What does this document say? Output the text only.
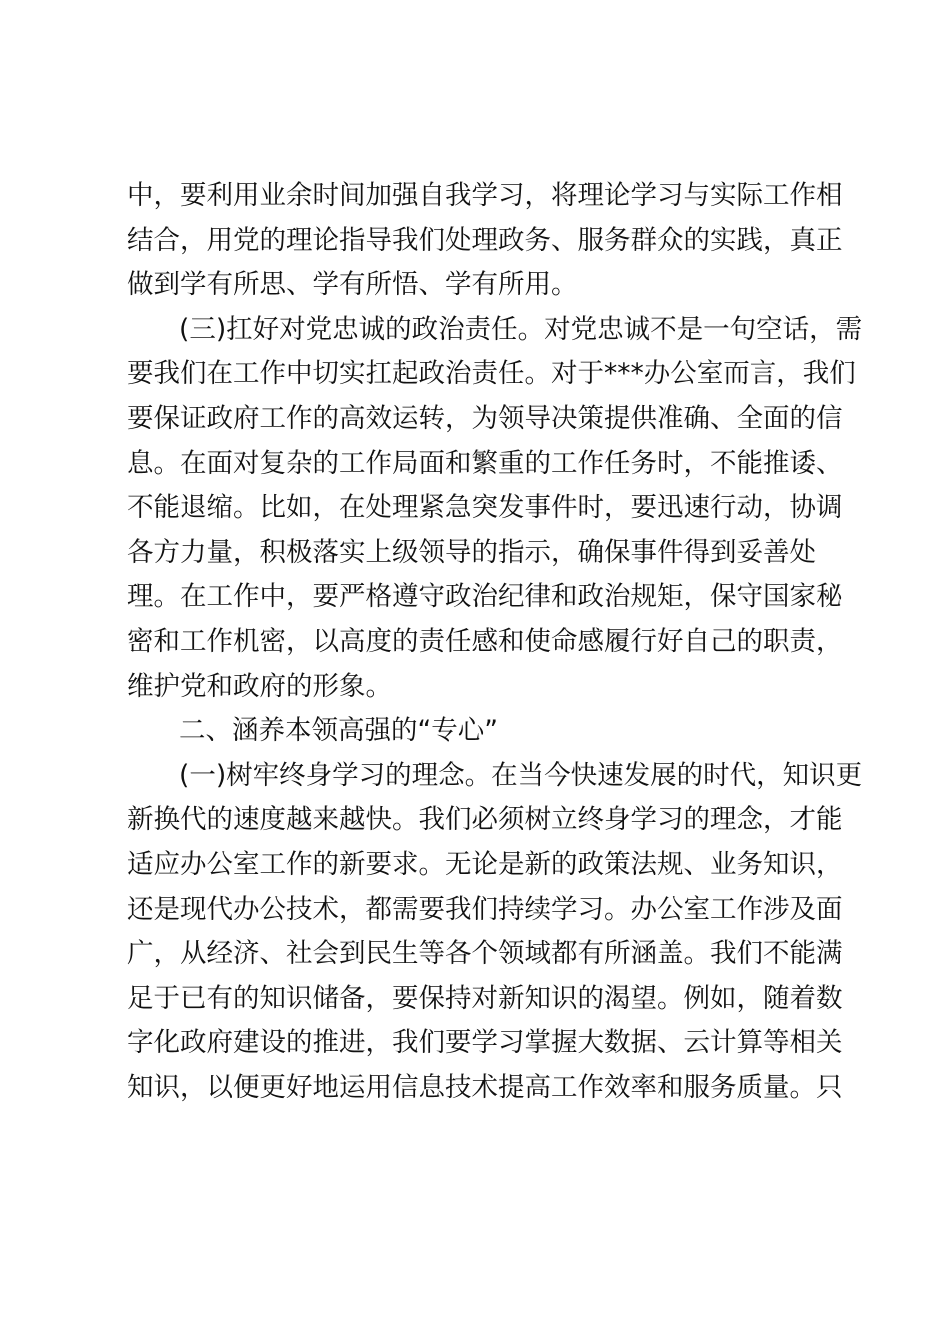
中，要利用业余时间加强自我学习，将理论学习与实际工作相
结合，用党的理论指导我们处理政务、服务群众的实践，真正
做到学有所思、学有所悟、学有所用。
(三)扛好对党忠诚的政治责任。对党忠诚不是一句空话，需
要我们在工作中切实扛起政治责任。对于***办公室而言，我们
要保证政府工作的高效运转，为领导决策提供准确、全面的信
息。在面对复杂的工作局面和繁重的工作任务时，不能推诿、
不能退缩。比如，在处理紧急突发事件时，要迅速行动，协调
各方力量，积极落实上级领导的指示，确保事件得到妥善处
理。在工作中，要严格遵守政治纪律和政治规矩，保守国家秘
密和工作机密，以高度的责任感和使命感履行好自己的职责，
维护党和政府的形象。
二、涵养本领高强的“专心”
(一)树牢终身学习的理念。在当今快速发展的时代，知识更
新换代的速度越来越快。我们必须树立终身学习的理念，才能
适应办公室工作的新要求。无论是新的政策法规、业务知识，
还是现代办公技术，都需要我们持续学习。办公室工作涉及面
广，从经济、社会到民生等各个领域都有所涵盖。我们不能满
足于已有的知识储备，要保持对新知识的渴望。例如，随着数
字化政府建设的推进，我们要学习掌握大数据、云计算等相关
知识，以便更好地运用信息技术提高工作效率和服务质量。只
